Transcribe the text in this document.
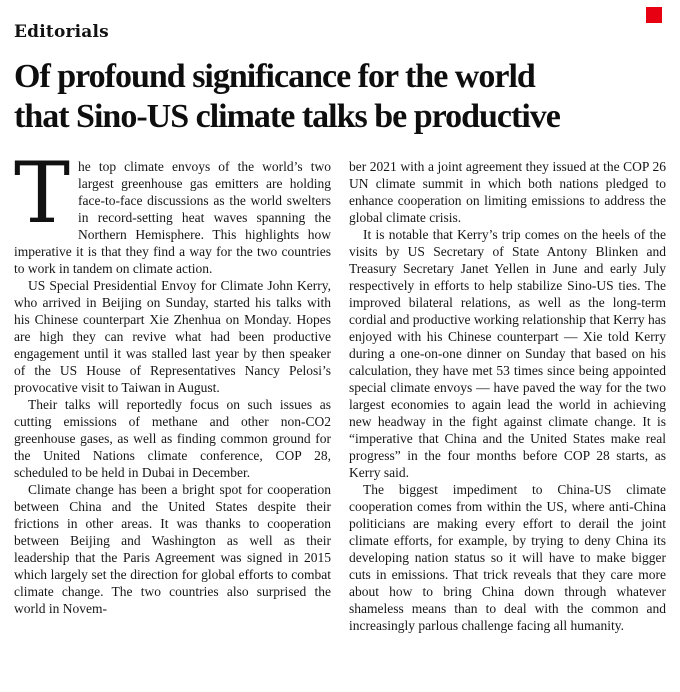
Editorials
Of profound significance for the world
that Sino-US climate talks be productive

T he top climate envoys of the world’s two largest greenhouse gas emitters are holding face-to-face discussions as the world swelters in record-setting heat waves spanning the Northern Hemisphere. This highlights how imperative it is that they find a way for the two countries to work in tandem on climate action.

US Special Presidential Envoy for Climate John Kerry, who arrived in Beijing on Sunday, started his talks with his Chinese counterpart Xie Zhenhua on Monday. Hopes are high they can revive what had been productive engagement until it was stalled last year by then speaker of the US House of Representatives Nancy Pelosi’s provocative visit to Taiwan in August.

Their talks will reportedly focus on such issues as cutting emissions of methane and other non-CO2 greenhouse gases, as well as finding common ground for the United Nations climate conference, COP 28, scheduled to be held in Dubai in December.

Climate change has been a bright spot for cooperation between China and the United States despite their frictions in other areas. It was thanks to cooperation between Beijing and Washington as well as their leadership that the Paris Agreement was signed in 2015 which largely set the direction for global efforts to combat climate change. The two countries also surprised the world in Novem-

ber 2021 with a joint agreement they issued at the COP 26 UN climate summit in which both nations pledged to enhance cooperation on limiting emissions to address the global climate crisis.

It is notable that Kerry’s trip comes on the heels of the visits by US Secretary of State Antony Blinken and Treasury Secretary Janet Yellen in June and early July respectively in efforts to help stabilize Sino-US ties. The improved bilateral relations, as well as the long-term cordial and productive working relationship that Kerry has enjoyed with his Chinese counterpart — Xie told Kerry during a one-on-one dinner on Sunday that based on his calculation, they have met 53 times since being appointed special climate envoys — have paved the way for the two largest economies to again lead the world in achieving new headway in the fight against climate change. It is “imperative that China and the United States make real progress” in the four months before COP 28 starts, as Kerry said.

The biggest impediment to China-US climate cooperation comes from within the US, where anti-China politicians are making every effort to derail the joint climate efforts, for example, by trying to deny China its developing nation status so it will have to make bigger cuts in emissions. That trick reveals that they care more about how to bring China down through whatever shameless means than to deal with the common and increasingly parlous challenge facing all humanity.
